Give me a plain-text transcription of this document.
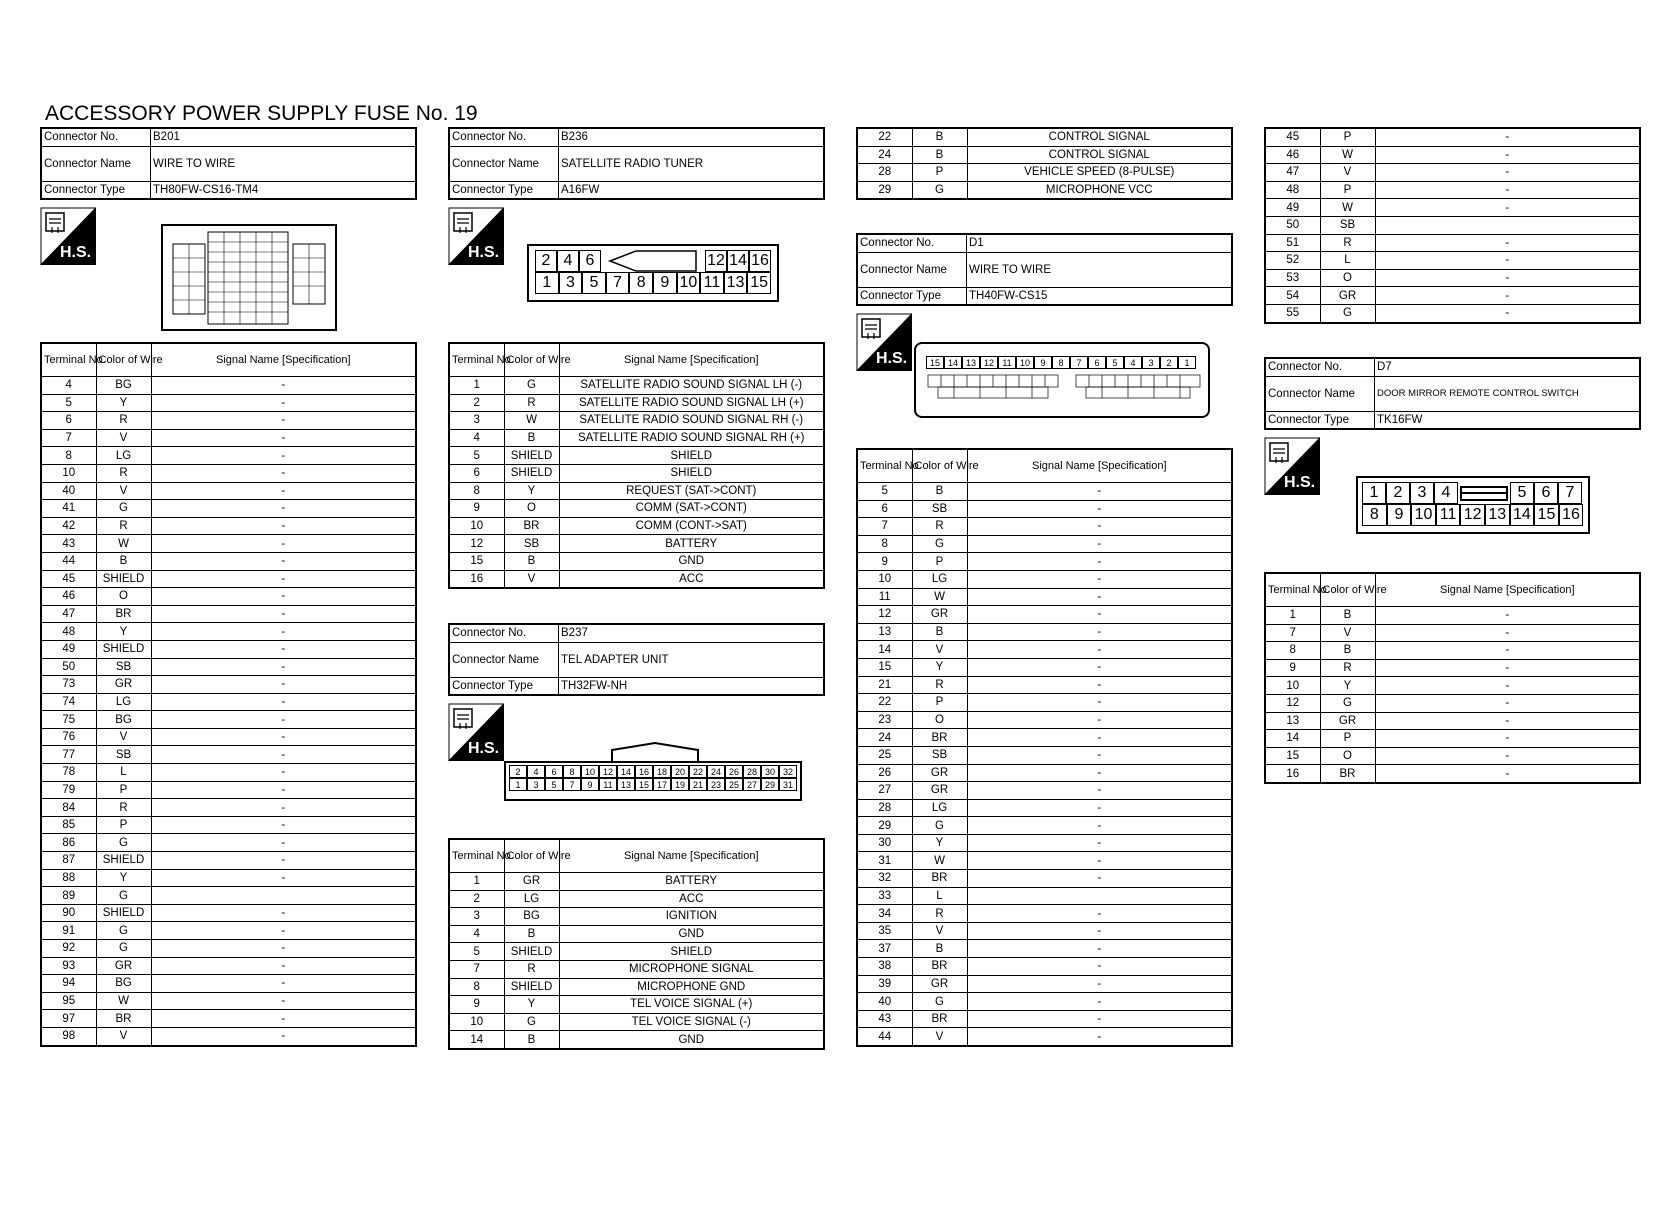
ACCESSORY POWER SUPPLY FUSE No. 19
Connector No.	B201
Connector Name	WIRE TO WIRE
Connector Type	TH80FW-CS16-TM4
H.S.
Terminal No.	Color of Wire	Signal Name [Specification]
4	BG	-
5	Y	-
6	R	-
7	V	-
8	LG	-
10	R	-
40	V	-
41	G	-
42	R	-
43	W	-
44	B	-
45	SHIELD	-
46	O	-
47	BR	-
48	Y	-
49	SHIELD	-
50	SB	-
73	GR	-
74	LG	-
75	BG	-
76	V	-
77	SB	-
78	L	-
79	P	-
84	R	-
85	P	-
86	G	-
87	SHIELD	-
88	Y	-
89	G	
90	SHIELD	-
91	G	-
92	G	-
93	GR	-
94	BG	-
95	W	-
97	BR	-
98	V	-
Connector No.	B236
Connector Name	SATELLITE RADIO TUNER
Connector Type	A16FW
H.S.	2 4 6	12 14 16
1 3 5 7 8 9 10 11 13 15
Terminal No.	Color of Wire	Signal Name [Specification]
1	G	SATELLITE RADIO SOUND SIGNAL LH (-)
2	R	SATELLITE RADIO SOUND SIGNAL LH (+)
3	W	SATELLITE RADIO SOUND SIGNAL RH (-)
4	B	SATELLITE RADIO SOUND SIGNAL RH (+)
5	SHIELD	SHIELD
6	SHIELD	SHIELD
8	Y	REQUEST (SAT->CONT)
9	O	COMM (SAT->CONT)
10	BR	COMM (CONT->SAT)
12	SB	BATTERY
15	B	GND
16	V	ACC
Connector No.	B237
Connector Name	TEL ADAPTER UNIT
Connector Type	TH32FW-NH
H.S.
2	4	6	8	10 12 14 16 18 20 22 24 26 28 30 32
1	3	5	7	9	11 13 15 17 19 21 23 25 27 29 31
Terminal No.	Color of Wire	Signal Name [Specification]
1	GR	BATTERY
2	LG	ACC
3	BG	IGNITION
4	B	GND
5	SHIELD	SHIELD
7	R	MICROPHONE SIGNAL
8	SHIELD	MICROPHONE GND
9	Y	TEL VOICE SIGNAL (+)
10	G	TEL VOICE SIGNAL (-)
14	B	GND
22	B	CONTROL SIGNAL
24	B	CONTROL SIGNAL
28	P	VEHICLE SPEED (8-PULSE)
29	G	MICROPHONE VCC
Connector No.	D1
Connector Name	WIRE TO WIRE
Connector Type	TH40FW-CS15
H.S.	15 14 13 12 11 10	9	8	7	6	5	4	3	2	1
Terminal No.	Color of Wire	Signal Name [Specification]
5	B	-
6	SB	-
7	R	-
8	G	-
9	P	-
10	LG	-
11	W	-
12	GR	-
13	B	-
14	V	-
15	Y	-
21	R	-
22	P	-
23	O	-
24	BR	-
25	SB	-
26	GR	-
27	GR	-
28	LG	-
29	G	-
30	Y	-
31	W	-
32	BR	-
33	L	
34	R	-
35	V	-
37	B	-
38	BR	-
39	GR	-
40	G	-
43	BR	-
44	V	-
45	P	-
46	W	-
47	V	-
48	P	-
49	W	-
50	SB	
51	R	-
52	L	-
53	O	-
54	GR	-
55	G	-
Connector No.	D7
Connector Name	DOOR MIRROR REMOTE CONTROL SWITCH
Connector Type	TK16FW
H.S.
1 2 3 4	5 6 7
8 9 10 11 12 13 14 15 16
Terminal No.	Color of Wire	Signal Name [Specification]
1	B	-
7	V	-
8	B	-
9	R	-
10	Y	-
12	G	-
13	GR	-
14	P	-
15	O	-
16	BR	-
